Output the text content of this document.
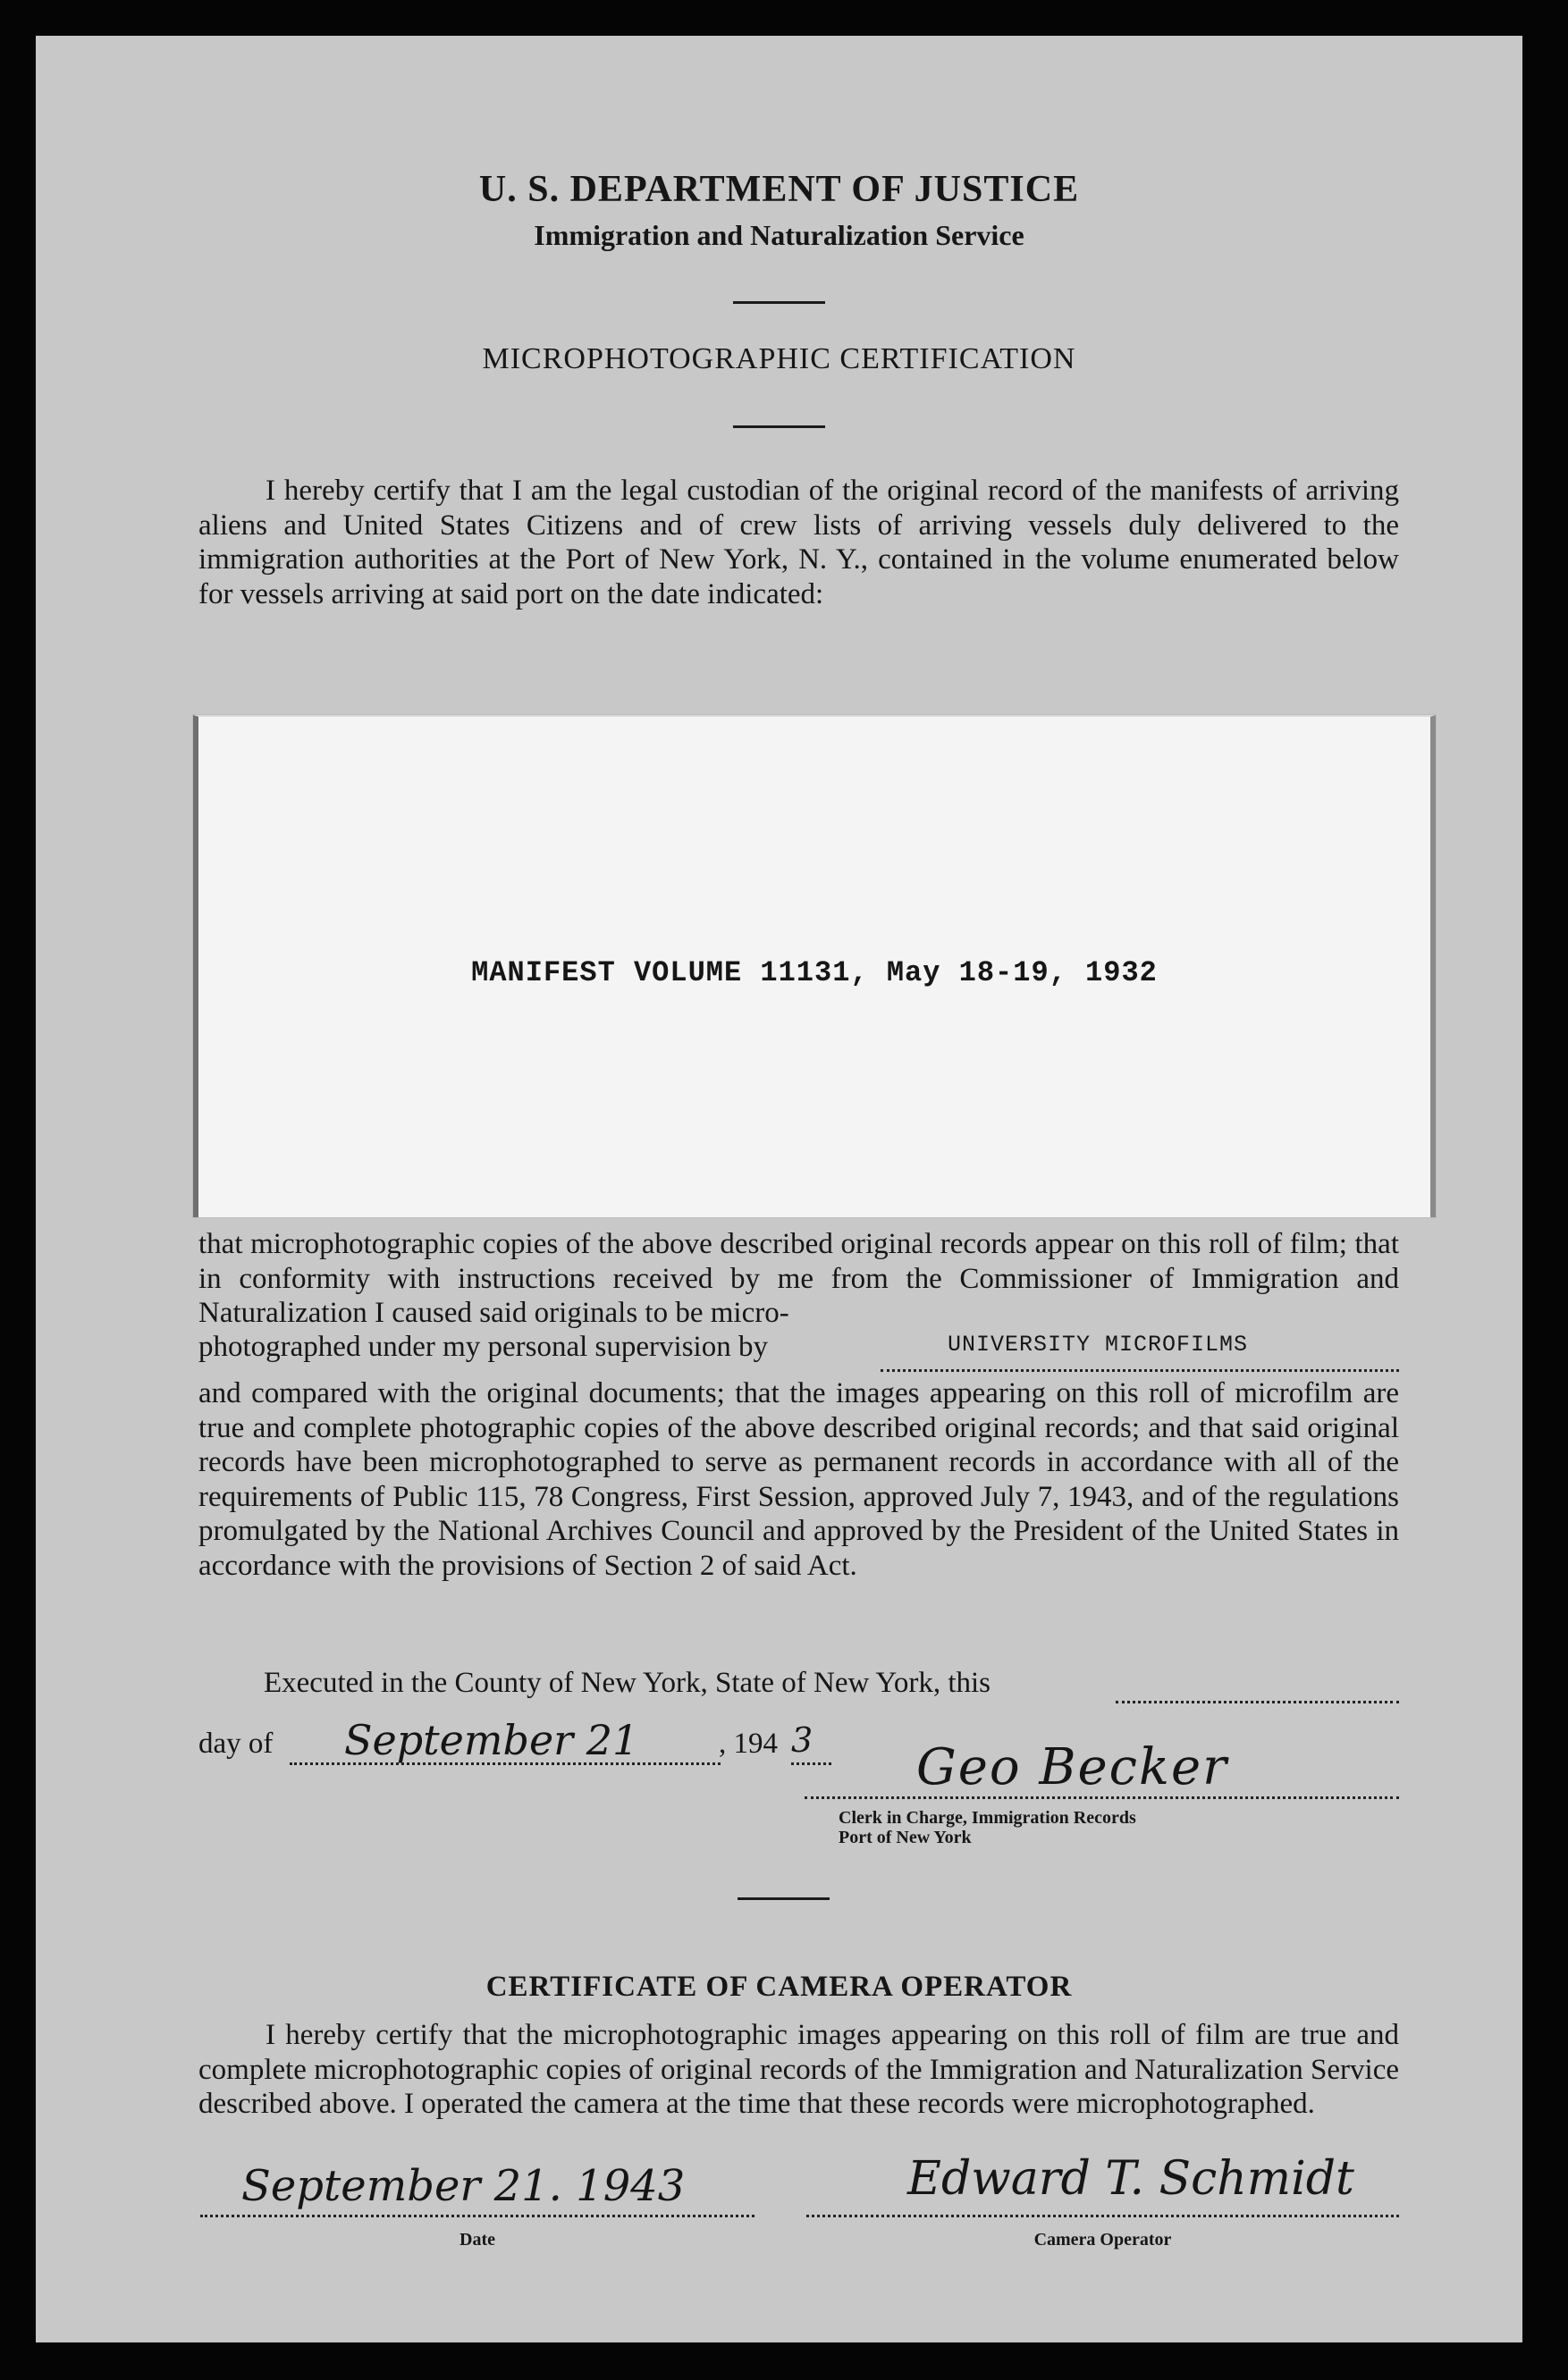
U. S. DEPARTMENT OF JUSTICE
Immigration and Naturalization Service
MICROPHOTOGRAPHIC CERTIFICATION
I hereby certify that I am the legal custodian of the original record of the manifests of arriving aliens and United States Citizens and of crew lists of arriving vessels duly delivered to the immigration authorities at the Port of New York, N. Y., contained in the volume enumerated below for vessels arriving at said port on the date indicated:
MANIFEST VOLUME 11131, May 18-19, 1932
that microphotographic copies of the above described original records appear on this roll of film; that in conformity with instructions received by me from the Commissioner of Immigration and Naturalization I caused said originals to be micro-
photographed under my personal supervision by	UNIVERSITY MICROFILMS
and compared with the original documents; that the images appearing on this roll of microfilm are true and complete photographic copies of the above described original records; and that said original records have been microphotographed to serve as permanent records in accordance with all of the requirements of Public 115, 78 Congress, First Session, approved July 7, 1943, and of the regulations promulgated by the National Archives Council and approved by the President of the United States in accordance with the provisions of Section 2 of said Act.
Executed in the County of New York, State of New York, this
day of September 21	, 194 3 Geo Becker
Clerk in Charge, Immigration Records
Port of New York
CERTIFICATE OF CAMERA OPERATOR
I hereby certify that the microphotographic images appearing on this roll of film are true and complete microphotographic copies of original records of the Immigration and Naturalization Service described above. I operated the camera at the time that these records were microphotographed.
September 21. 1943
Date
Edward T. Schmidt
Camera Operator
